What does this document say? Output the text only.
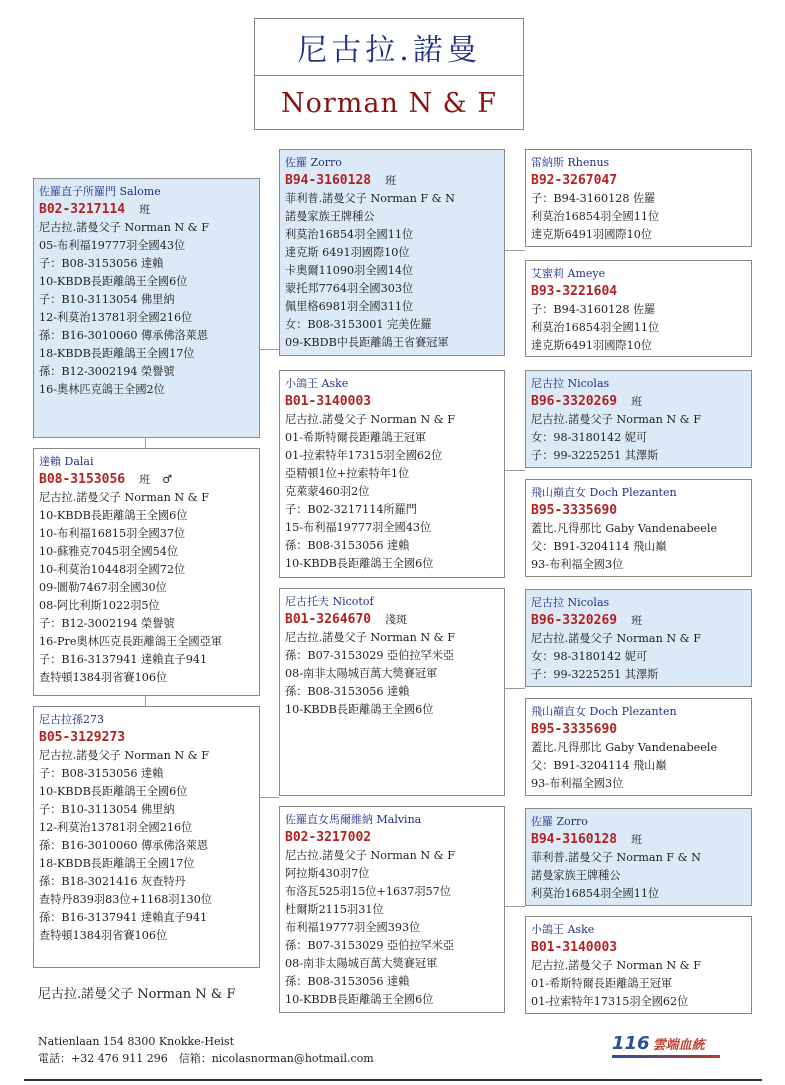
尼古拉.諾曼
Norman N & F
佐羅直子所羅門 Salome
B02-3217114 班
尼古拉.諾曼父子 Norman N & F
05-布利福19777羽全國43位
子：B08-3153056 達賴
10-KBDB長距離鴿王全國6位
子：B10-3113054 佛里納
12-利莫治13781羽全國216位
孫：B16-3010060 傳承佛洛萊恩
18-KBDB長距離鴿王全國17位
孫：B12-3002194 榮譽號
16-奧林匹克鴿王全國2位
達賴 Dalai
B08-3153056 班 ♂
尼古拉.諾曼父子 Norman N & F
10-KBDB長距離鴿王全國6位
10-布利福16815羽全國37位
10-蘇雅克7045羽全國54位
10-利莫治10448羽全國72位
09-圖勒7467羽全國30位
08-阿比利斯1022羽5位
子：B12-3002194 榮譽號
16-Pre奧林匹克長距離鴿王全國亞軍
子：B16-3137941 達賴直子941
查特頓1384羽省賽106位
尼古拉孫273
B05-3129273
尼古拉.諾曼父子 Norman N & F
子：B08-3153056 達賴
10-KBDB長距離鴿王全國6位
子：B10-3113054 佛里納
12-利莫治13781羽全國216位
孫：B16-3010060 傳承佛洛萊恩
18-KBDB長距離鴿王全國17位
孫：B18-3021416 灰查特丹
查特丹839羽83位+1168羽130位
孫：B16-3137941 達賴直子941
查特頓1384羽省賽106位
佐羅 Zorro
B94-3160128 班
菲利普.諾曼父子 Norman F & N
諾曼家族王牌種公
利莫治16854羽全國11位
達克斯 6491羽國際10位
卡奧爾11090羽全國14位
蒙托邦7764羽全國303位
佩里格6981羽全國311位
女：B08-3153001 完美佐羅
09-KBDB中長距離鴿王省賽冠軍
小鴿王 Aske
B01-3140003
尼古拉.諾曼父子 Norman N & F
01-希斯特爾長距離鴿王冠軍
01-拉索特年17315羽全國62位
亞精頓1位+拉索特年1位
克萊蒙460羽2位
子：B02-3217114所羅門
15-布利福19777羽全國43位
孫：B08-3153056 達賴
10-KBDB長距離鴿王全國6位
尼古托夫 Nicotof
B01-3264670 淺斑
尼古拉.諾曼父子 Norman N & F
孫：B07-3153029 亞伯拉罕米亞
08-南非太陽城百萬大獎賽冠軍
孫：B08-3153056 達賴
10-KBDB長距離鴿王全國6位
佐羅直女馬爾維納 Malvina
B02-3217002
尼古拉.諾曼父子 Norman N & F
阿拉斯430羽7位
布洛瓦525羽15位+1637羽57位
杜爾斯2115羽31位
布利福19777羽全國393位
孫：B07-3153029 亞伯拉罕米亞
08-南非太陽城百萬大獎賽冠軍
孫：B08-3153056 達賴
10-KBDB長距離鴿王全國6位
雷納斯 Rhenus
B92-3267047
子：B94-3160128 佐羅
利莫治16854羽全國11位
達克斯6491羽國際10位
艾蜜莉 Ameye
B93-3221604
子：B94-3160128 佐羅
利莫治16854羽全國11位
達克斯6491羽國際10位
尼古拉 Nicolas
B96-3320269 班
尼古拉.諾曼父子 Norman N & F
女：98-3180142 妮可
子：99-3225251 其澤斯
飛山巔直女 Doch Plezanten
B95-3335690
蓋比.凡得那比 Gaby Vandenabeele
父：B91-3204114 飛山巔
93-布利福全國3位
尼古拉 Nicolas
B96-3320269 班
尼古拉.諾曼父子 Norman N & F
女：98-3180142 妮可
子：99-3225251 其澤斯
飛山巔直女 Doch Plezanten
B95-3335690
蓋比.凡得那比 Gaby Vandenabeele
父：B91-3204114 飛山巔
93-布利福全國3位
佐羅 Zorro
B94-3160128 班
菲利普.諾曼父子 Norman F & N
諾曼家族王牌種公
利莫治16854羽全國11位
小鴿王 Aske
B01-3140003
尼古拉.諾曼父子 Norman N & F
01-希斯特爾長距離鴿王冠軍
01-拉索特年17315羽全國62位
尼古拉.諾曼父子 Norman N & F
Natienlaan 154 8300 Knokke-Heist
電話：+32 476 911 296　信箱：nicolasnorman@hotmail.com
116 雲端血統
